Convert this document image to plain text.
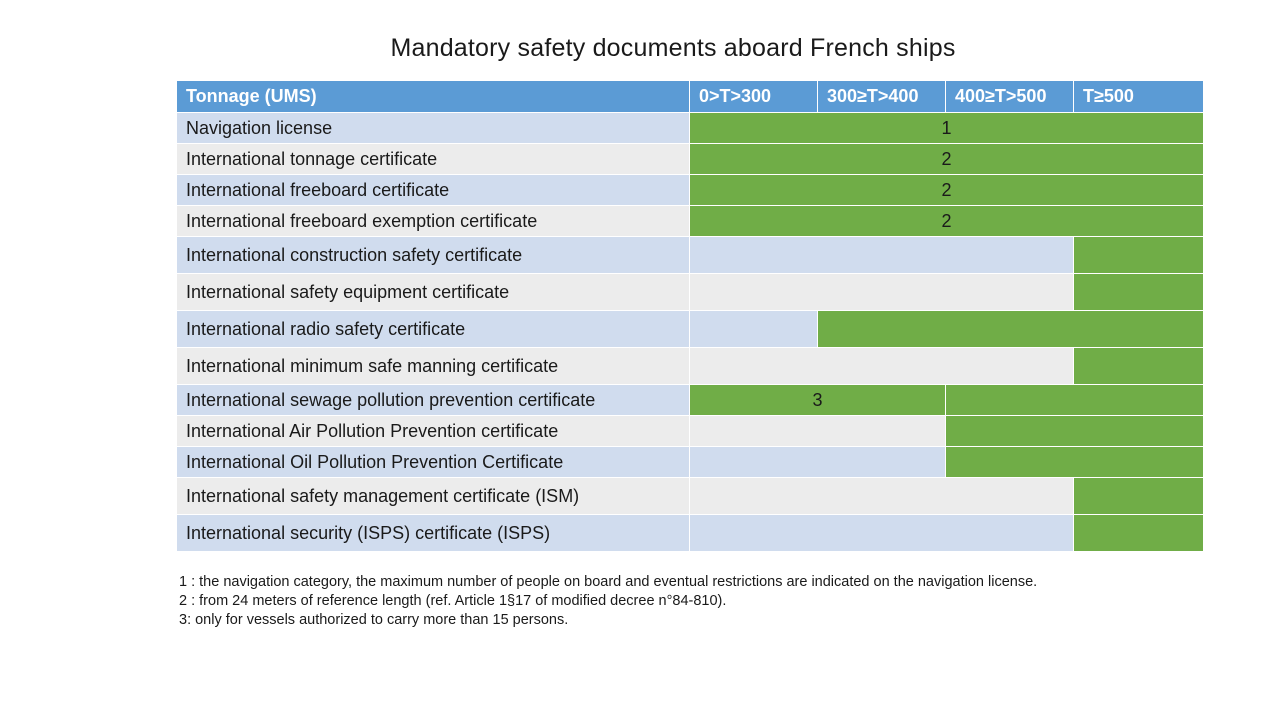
Mandatory safety documents aboard French ships
Tonnage (UMS)	0>T>300	300≥T>400	400≥T>500	T≥500
Navigation license	1			
International tonnage certificate	2			
International freeboard certificate	2			
International freeboard exemption certificate	2			
International construction safety certificate				
International safety equipment certificate				
International radio safety certificate				
International minimum safe manning certificate				
International sewage pollution prevention certificate	3			
International Air Pollution Prevention certificate				
International Oil Pollution Prevention Certificate				
International safety management certificate (ISM)				
International security (ISPS) certificate (ISPS)				

1 : the navigation category, the maximum number of people on board and eventual restrictions are indicated on the navigation license.

2 : from 24 meters of reference length (ref. Article 1§17 of modified decree n°84-810).

3: only for vessels authorized to carry more than 15 persons.
